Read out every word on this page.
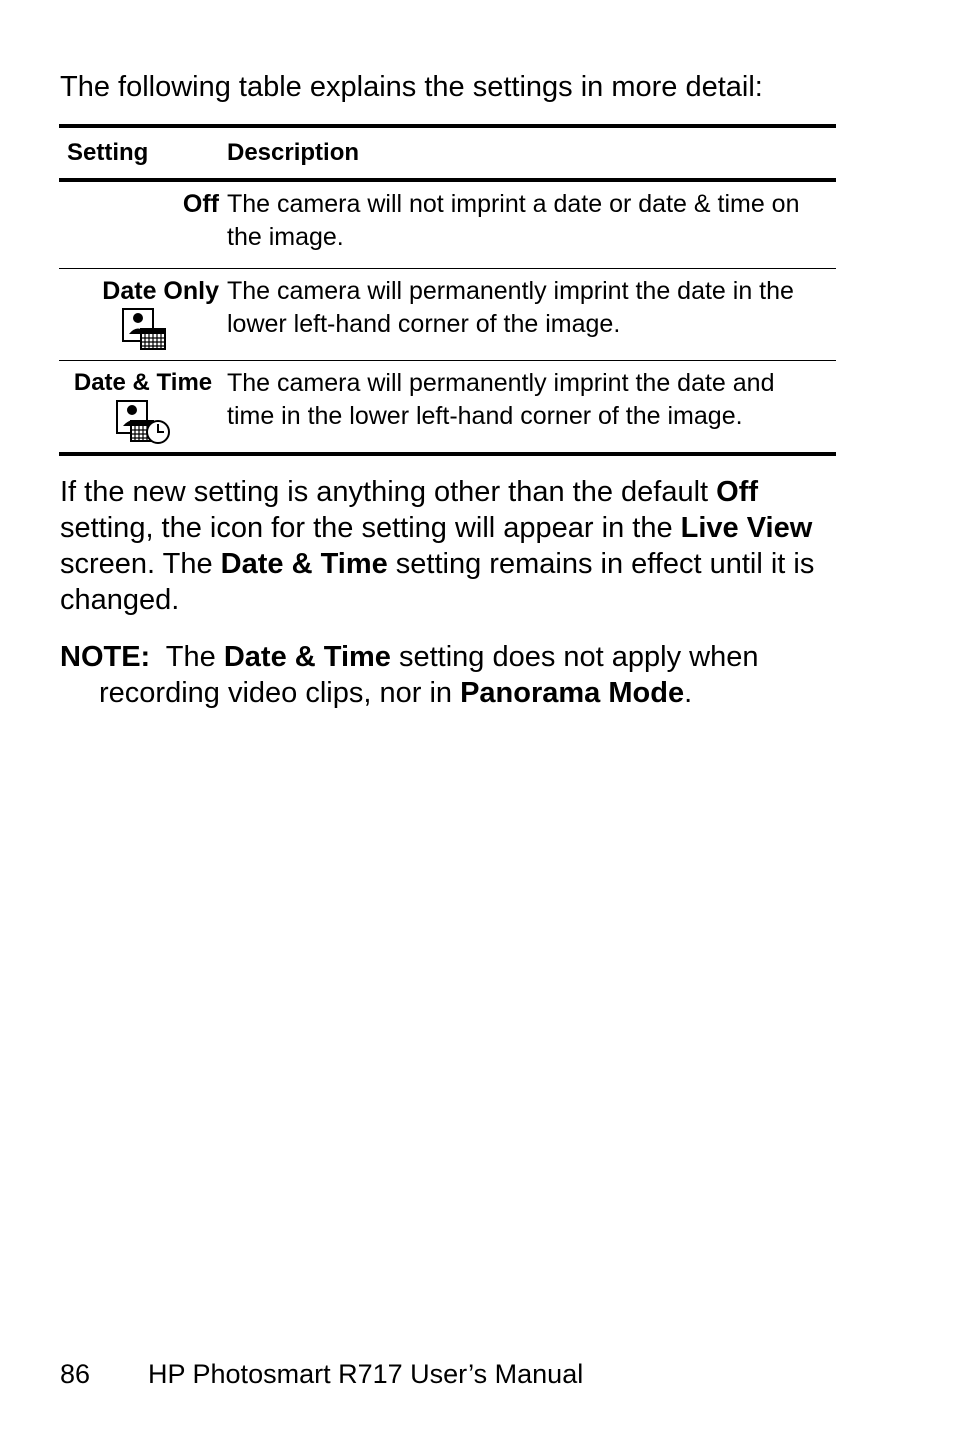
The following table explains the settings in more detail:

Setting	Description
Off The camera will not imprint a date or date & time on the image.
Date Only The camera will permanently imprint the date in the lower left-hand corner of the image.
Date & Time The camera will permanently imprint the date and time in the lower left-hand corner of the image.

If the new setting is anything other than the default Off setting, the icon for the setting will appear in the Live View screen. The Date & Time setting remains in effect until it is changed.

NOTE:  The Date & Time setting does not apply when
recording video clips, nor in Panorama Mode.

86 HP Photosmart R717 User’s Manual
